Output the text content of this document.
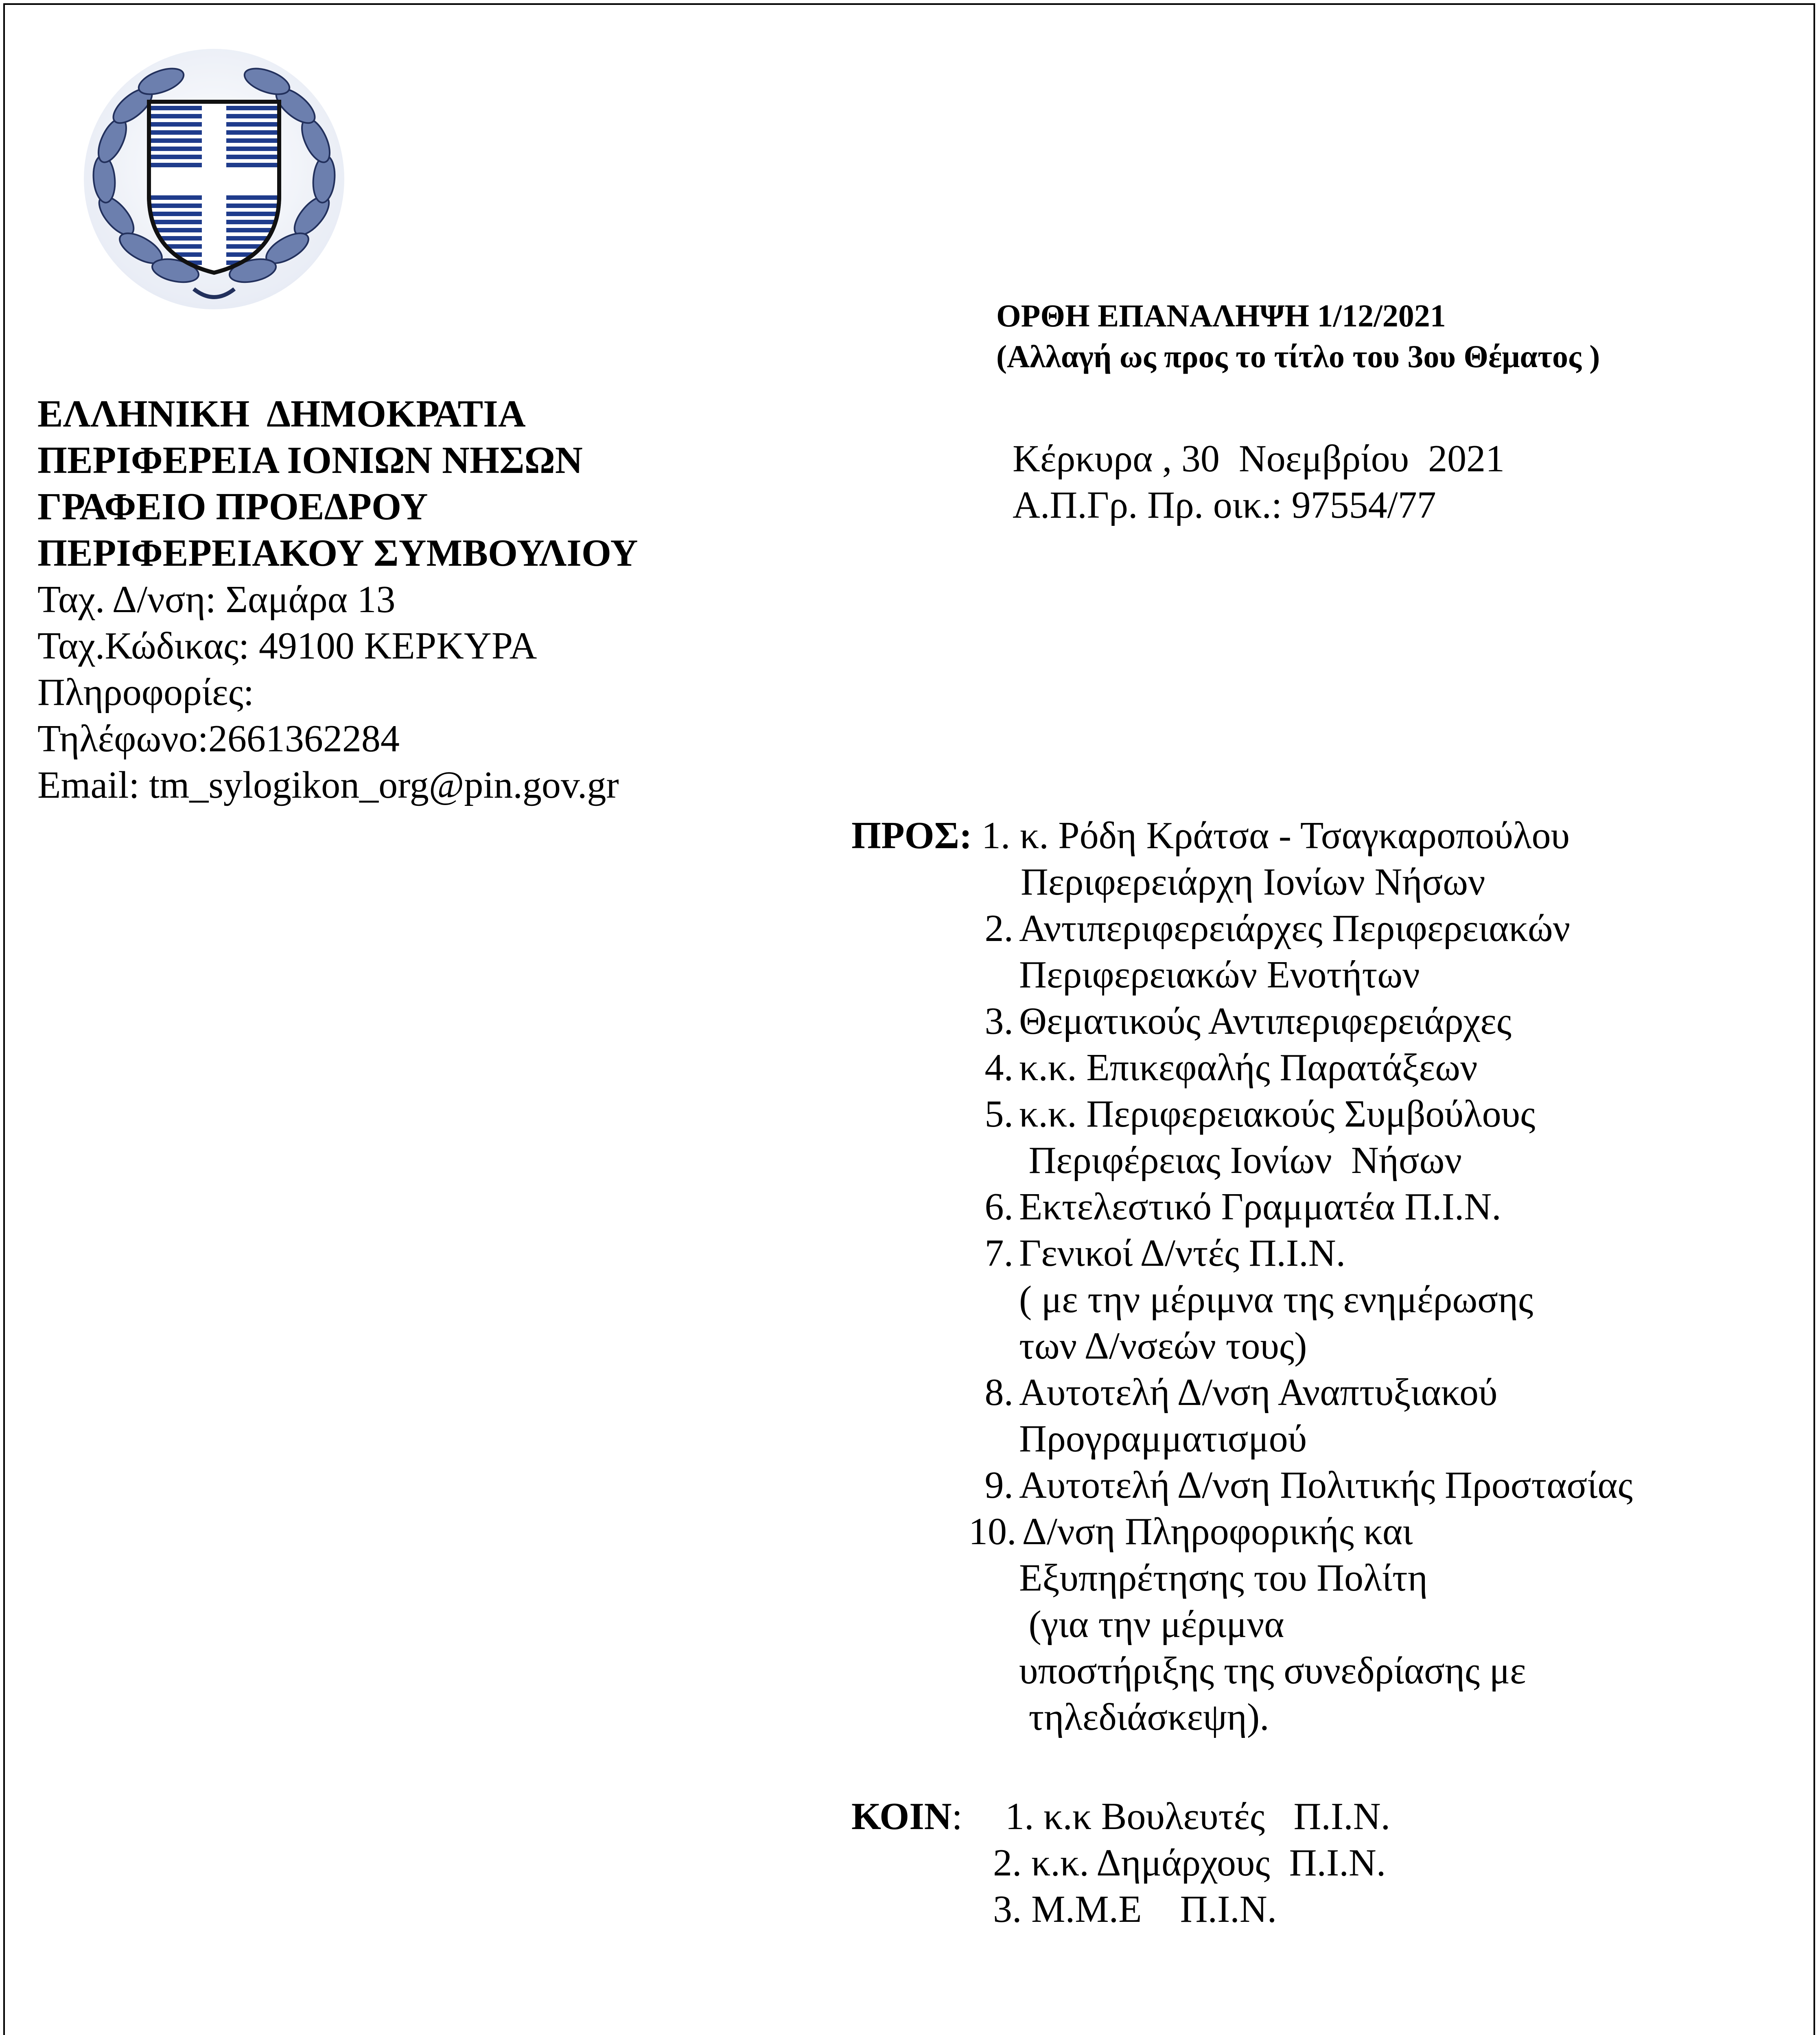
ΟΡΘΗ ΕΠΑΝΑΛΗΨΗ 1/12/2021
(Αλλαγή ως προς το τίτλο του 3ου Θέματος )
ΕΛΛΗΝΙΚΗ  ΔΗΜΟΚΡΑΤΙΑ
ΠΕΡΙΦΕΡΕΙΑ ΙΟΝΙΩΝ ΝΗΣΩΝ
ΓΡΑΦΕΙΟ ΠΡΟΕΔΡΟΥ
ΠΕΡΙΦΕΡΕΙΑΚΟΥ ΣΥΜΒΟΥΛΙΟΥ
Ταχ. Δ/νση: Σαμάρα 13
Ταχ.Κώδικας: 49100 ΚΕΡΚΥΡΑ
Πληροφορίες:
Τηλέφωνο:2661362284
Email: tm_sylogikon_org@pin.gov.gr
Κέρκυρα , 30  Νοεμβρίου  2021
Α.Π.Γρ. Πρ. οικ.: 97554/77
ΠΡΟΣ: 1. κ. Ρόδη Κράτσα - Τσαγκαροπούλου
Περιφερειάρχη Ιονίων Νήσων
2. Αντιπεριφερειάρχες Περιφερειακών
Περιφερειακών Ενοτήτων
3. Θεματικούς Αντιπεριφερειάρχες
4. κ.κ. Επικεφαλής Παρατάξεων
5. κ.κ. Περιφερειακούς Συμβούλους
Περιφέρειας Ιονίων  Νήσων
6. Εκτελεστικό Γραμματέα Π.Ι.Ν.
7. Γενικοί Δ/ντές Π.Ι.Ν.
( με την μέριμνα της ενημέρωσης
των Δ/νσεών τους)
8. Αυτοτελή Δ/νση Αναπτυξιακού
Προγραμματισμού
9. Αυτοτελή Δ/νση Πολιτικής Προστασίας
10. Δ/νση Πληροφορικής και
Εξυπηρέτησης του Πολίτη
(για την μέριμνα
υποστήριξης της συνεδρίασης με
τηλεδιάσκεψη).
ΚΟΙΝ: 1. κ.κ Βουλευτές   Π.Ι.Ν.
2. κ.κ. Δημάρχους  Π.Ι.Ν.
3. Μ.Μ.Ε    Π.Ι.Ν.
